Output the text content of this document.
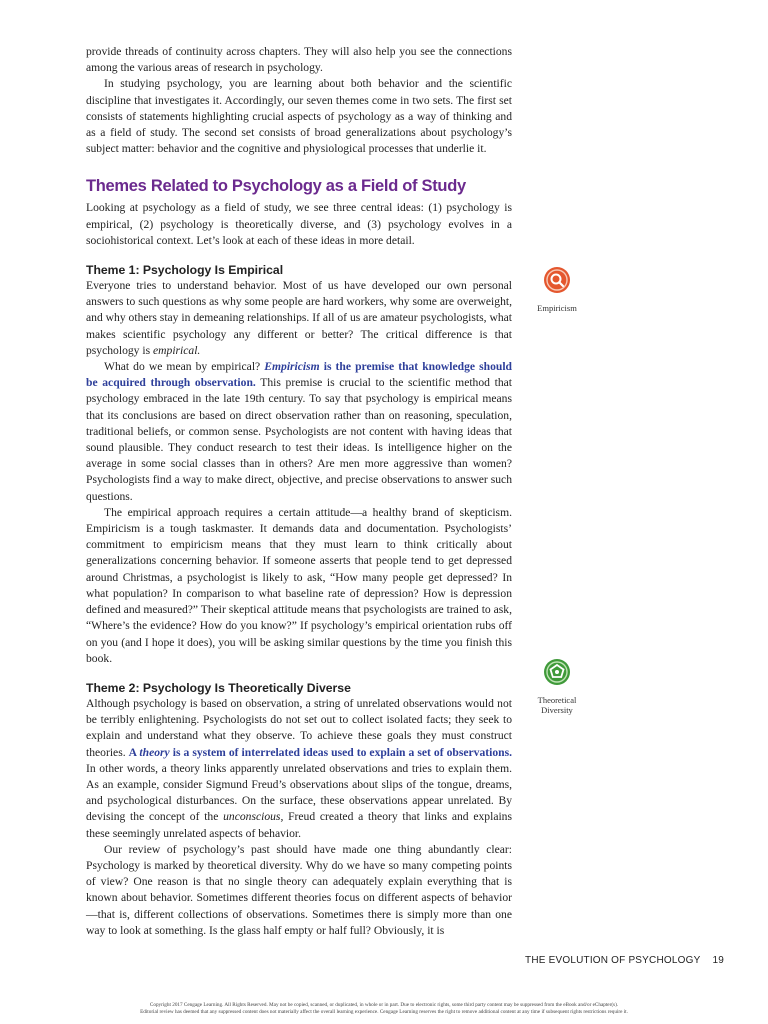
provide threads of continuity across chapters. They will also help you see the connections among the various areas of research in psychology.

In studying psychology, you are learning about both behavior and the scientific discipline that investigates it. Accordingly, our seven themes come in two sets. The first set consists of statements highlighting crucial aspects of psychology as a way of thinking and as a field of study. The second set consists of broad generalizations about psychology’s subject matter: behavior and the cognitive and physiological processes that underlie it.

Themes Related to Psychology as a Field of Study

Looking at psychology as a field of study, we see three central ideas: (1) psychology is empirical, (2) psychology is theoretically diverse, and (3) psychology evolves in a sociohistorical context. Let’s look at each of these ideas in more detail.

Theme 1: Psychology Is Empirical

Everyone tries to understand behavior. Most of us have developed our own personal answers to such questions as why some people are hard workers, why some are overweight, and why others stay in demeaning relationships. If all of us are amateur psychologists, what makes scientific psychology any different or better? The critical difference is that psychology is empirical.

What do we mean by empirical? Empiricism is the premise that knowledge should be acquired through observation. This premise is crucial to the scientific method that psychology embraced in the late 19th century. To say that psychology is empirical means that its conclusions are based on direct observation rather than on reasoning, speculation, traditional beliefs, or common sense. Psychologists are not content with having ideas that sound plausible. They conduct research to test their ideas. Is intelligence higher on the average in some social classes than in others? Are men more aggressive than women? Psychologists find a way to make direct, objective, and precise observations to answer such questions.

The empirical approach requires a certain attitude—a healthy brand of skepticism. Empiricism is a tough taskmaster. It demands data and documentation. Psychologists’ commitment to empiricism means that they must learn to think critically about generalizations concerning behavior. If someone asserts that people tend to get depressed around Christmas, a psychologist is likely to ask, “How many people get depressed? In what population? In comparison to what baseline rate of depression? How is depression defined and measured?” Their skeptical attitude means that psychologists are trained to ask, “Where’s the evidence? How do you know?” If psychology’s empirical orientation rubs off on you (and I hope it does), you will be asking similar questions by the time you finish this book.

Theme 2: Psychology Is Theoretically Diverse

Although psychology is based on observation, a string of unrelated observations would not be terribly enlightening. Psychologists do not set out to collect isolated facts; they seek to explain and understand what they observe. To achieve these goals they must construct theories. A theory is a system of interrelated ideas used to explain a set of observations. In other words, a theory links apparently unrelated observations and tries to explain them. As an example, consider Sigmund Freud’s observations about slips of the tongue, dreams, and psychological disturbances. On the surface, these observations appear unrelated. By devising the concept of the unconscious, Freud created a theory that links and explains these seemingly unrelated aspects of behavior.

Our review of psychology’s past should have made one thing abundantly clear: Psychology is marked by theoretical diversity. Why do we have so many competing points of view? One reason is that no single theory can adequately explain everything that is known about behavior. Sometimes different theories focus on different aspects of behavior—that is, different collections of observations. Sometimes there is simply more than one way to look at something. Is the glass half empty or half full? Obviously, it is

Empiricism
Theoretical
Diversity
THE EVOLUTION OF PSYCHOLOGY 19
Copyright 2017 Cengage Learning. All Rights Reserved. May not be copied, scanned, or duplicated, in whole or in part. Due to electronic rights, some third party content may be suppressed from the eBook and/or eChapter(s).
Editorial review has deemed that any suppressed content does not materially affect the overall learning experience. Cengage Learning reserves the right to remove additional content at any time if subsequent rights restrictions require it.
